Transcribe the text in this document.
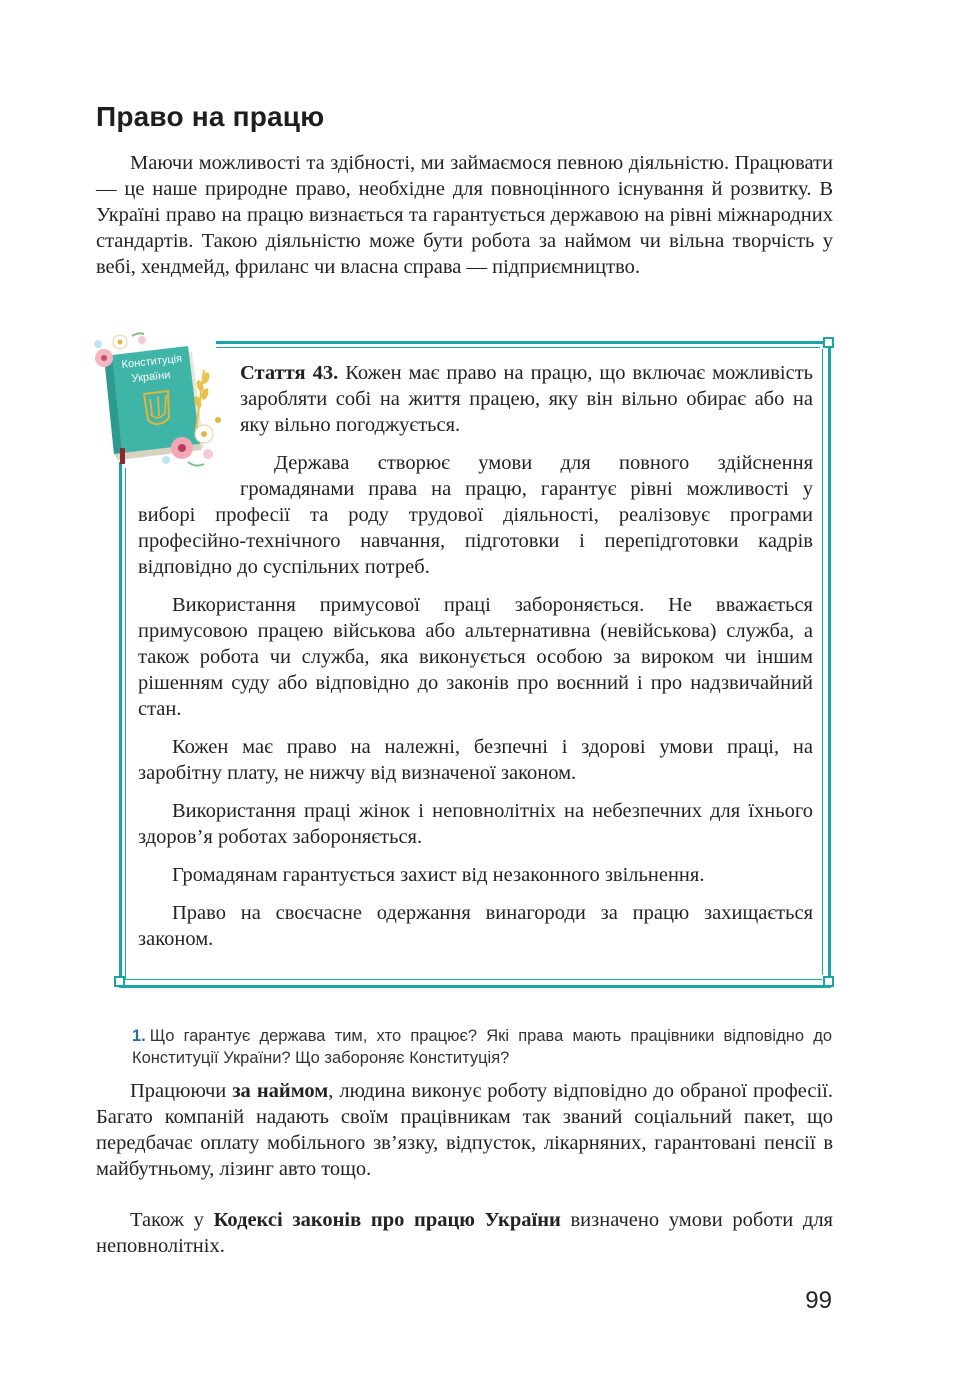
Право на працю

Маючи можливості та здібності, ми займаємося певною діяльністю. Працювати — це наше природне право, необхідне для повноцінного існування й розвитку. В Україні право на працю визнається та гарантується державою на рівні міжнародних стандартів. Такою діяльністю може бути робота за наймом чи вільна творчість у вебі, хендмейд, фриланс чи власна справа — підприємництво.

Конституція
України	Стаття 43. Кожен має право на працю, що включає можливість заробляти собі на життя працею, яку він вільно обирає або на яку вільно погоджується.

Держава створює умови для повного здійснення громадянами права на працю, гарантує рівні можливості у виборі професії та роду трудової діяльності, реалізовує програми професійно-технічного навчання, підготовки і перепідготовки кадрів відповідно до суспільних потреб.

Використання примусової праці забороняється. Не вважається примусовою працею військова або альтернативна (невійськова) служба, а також робота чи служба, яка виконується особою за вироком чи іншим рішенням суду або відповідно до законів про воєнний і про надзвичайний стан.

Кожен має право на належні, безпечні і здорові умови праці, на заробітну плату, не нижчу від визначеної законом.

Використання праці жінок і неповнолітніх на небезпечних для їхнього здоров’я роботах забороняється.

Громадянам гарантується захист від незаконного звільнення.

Право на своєчасне одержання винагороди за працю захищається законом.

1. Що гарантує держава тим, хто працює? Які права мають працівники відповідно до Конституції України? Що забороняє Конституція?

Працюючи за наймом, людина виконує роботу відповідно до обраної професії. Багато компаній надають своїм працівникам так званий соціальний пакет, що передбачає оплату мобільного зв’язку, відпусток, лікарняних, гарантовані пенсії в майбутньому, лізинг авто тощо.

Також у Кодексі законів про працю України визначено умови роботи для неповнолітніх.

99
